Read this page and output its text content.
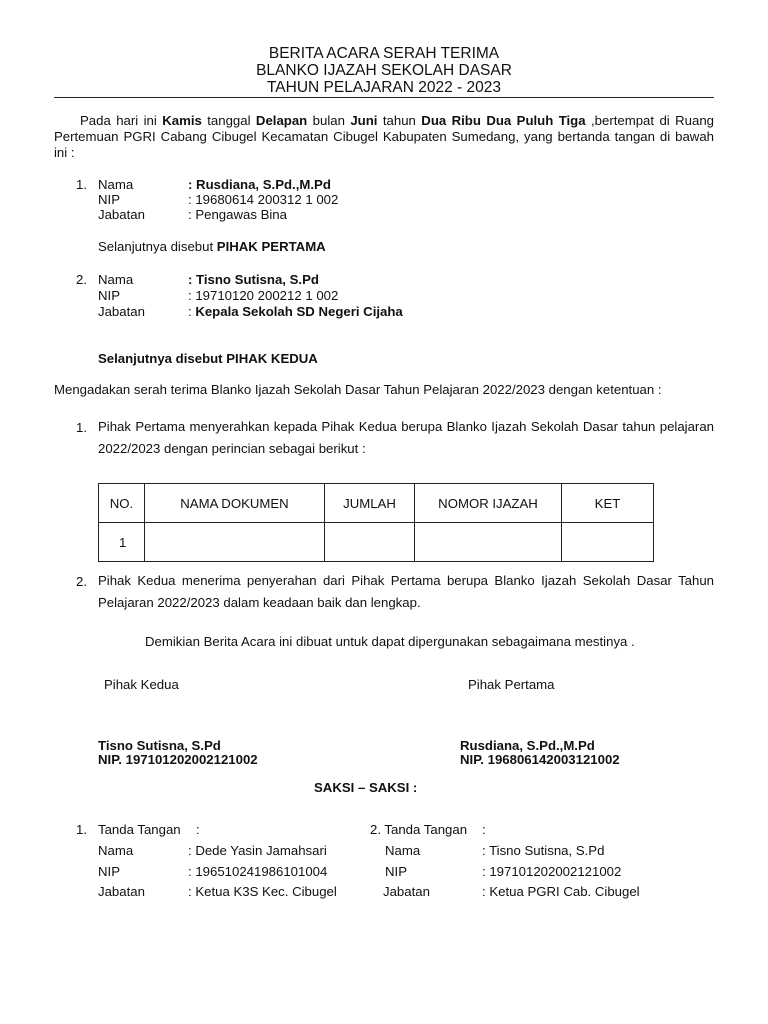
BERITA ACARA SERAH TERIMA
BLANKO IJAZAH SEKOLAH DASAR
TAHUN PELAJARAN 2022 - 2023
Pada hari ini Kamis tanggal Delapan bulan Juni tahun Dua Ribu Dua Puluh Tiga ,bertempat di Ruang Pertemuan PGRI Cabang Cibugel Kecamatan Cibugel Kabupaten Sumedang, yang bertanda tangan di bawah ini :
1. Nama	: Rusdiana, S.Pd.,M.Pd
NIP	: 19680614 200312 1 002
Jabatan	: Pengawas Bina
Selanjutnya disebut PIHAK PERTAMA
2. Nama	: Tisno Sutisna, S.Pd
NIP	: 19710120 200212 1 002
Jabatan	: Kepala Sekolah SD Negeri Cijaha
Selanjutnya disebut PIHAK KEDUA
Mengadakan serah terima Blanko Ijazah Sekolah Dasar Tahun Pelajaran 2022/2023 dengan ketentuan :
1. Pihak Pertama menyerahkan kepada Pihak Kedua berupa Blanko Ijazah Sekolah Dasar tahun pelajaran 2022/2023 dengan perincian sebagai berikut :
NO.	NAMA DOKUMEN	JUMLAH	NOMOR IJAZAH	KET
1				
2. Pihak Kedua menerima penyerahan dari Pihak Pertama berupa Blanko Ijazah Sekolah Dasar Tahun Pelajaran 2022/2023 dalam keadaan baik dan lengkap.
Demikian Berita Acara ini dibuat untuk dapat dipergunakan sebagaimana mestinya .
Pihak Kedua	Pihak Pertama
Tisno Sutisna, S.Pd
NIP. 197101202002121002
Rusdiana, S.Pd.,M.Pd
NIP. 196806142003121002
SAKSI – SAKSI :
1. Tanda Tangan :
Nama	: Dede Yasin Jamahsari
NIP	: 196510241986101004
Jabatan	: Ketua K3S Kec. Cibugel
2. Tanda Tangan :
Nama	: Tisno Sutisna, S.Pd
NIP	: 197101202002121002
Jabatan	: Ketua PGRI Cab. Cibugel
